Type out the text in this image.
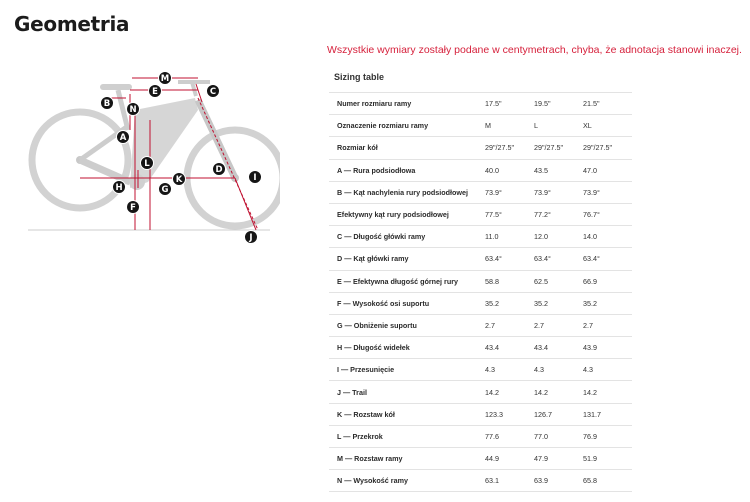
Geometria
Wszystkie wymiary zostały podane w centymetrach, chyba, że adnotacja stanowi inaczej.
Sizing table
M
E	C
B
N
A
L
D
K	I
H	G
F
J
Numer rozmiaru ramy	17.5"	19.5"	21.5"
Oznaczenie rozmiaru ramy	M	L	XL
Rozmiar kół	29"/27.5"	29"/27.5"	29"/27.5"
A — Rura podsiodłowa	40.0	43.5	47.0
B — Kąt nachylenia rury podsiodłowej	73.9°	73.9°	73.9°
Efektywny kąt rury podsiodłowej	77.5°	77.2°	76.7°
C — Długość główki ramy	11.0	12.0	14.0
D — Kąt główki ramy	63.4°	63.4°	63.4°
E — Efektywna długość górnej rury	58.8	62.5	66.9
F — Wysokość osi suportu	35.2	35.2	35.2
G — Obniżenie suportu	2.7	2.7	2.7
H — Długość widełek	43.4	43.4	43.9
I — Przesunięcie	4.3	4.3	4.3
J — Trail	14.2	14.2	14.2
K — Rozstaw kół	123.3	126.7	131.7
L — Przekrok	77.6	77.0	76.9
M — Rozstaw ramy	44.9	47.9	51.9
N — Wysokość ramy	63.1	63.9	65.8
